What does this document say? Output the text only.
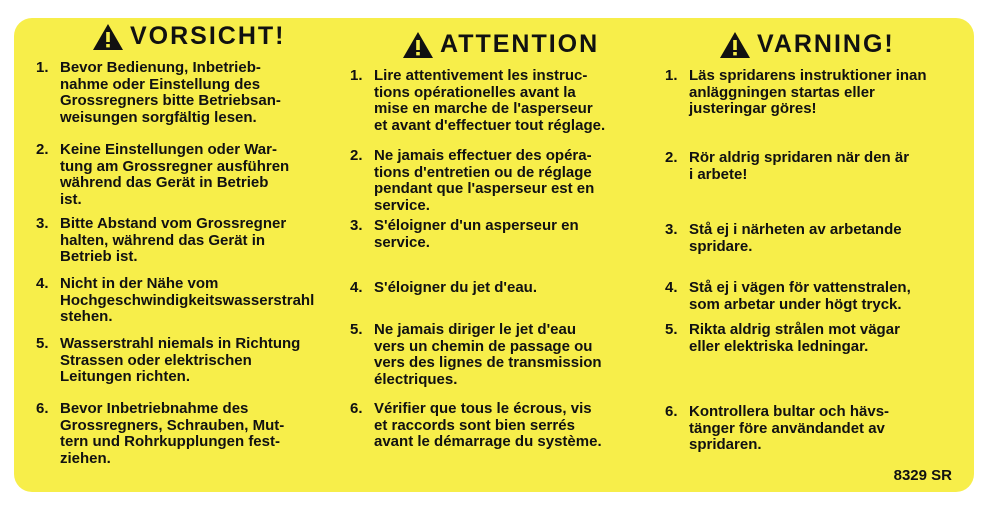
VORSICHT!
1. Bevor Bedienung, Inbetrieb-
nahme oder Einstellung des
Grossregners bitte Betriebsan-
weisungen sorgfältig lesen.
2. Keine Einstellungen oder War-
tung am Grossregner ausführen
während das Gerät in Betrieb
ist.
3. Bitte Abstand vom Grossregner
halten, während das Gerät in
Betrieb ist.
4. Nicht in der Nähe vom
Hochgeschwindigkeitswasserstrahl
stehen.
5. Wasserstrahl niemals in Richtung
Strassen oder elektrischen
Leitungen richten.
6. Bevor Inbetriebnahme des
Grossregners, Schrauben, Mut-
tern und Rohrkupplungen fest-
ziehen.
ATTENTION
1. Lire attentivement les instruc-
tions opérationelles avant la
mise en marche de l'asperseur
et avant d'effectuer tout réglage.
2. Ne jamais effectuer des opéra-
tions d'entretien ou de réglage
pendant que l'asperseur est en
service.
3. S'éloigner d'un asperseur en
service.
4. S'éloigner du jet d'eau.
5. Ne jamais diriger le jet d'eau
vers un chemin de passage ou
vers des lignes de transmission
électriques.
6. Vérifier que tous le écrous, vis
et raccords sont bien serrés
avant le démarrage du système.
VARNING!
1. Läs spridarens instruktioner inan
anläggningen startas eller
justeringar göres!
2. Rör aldrig spridaren när den är
i arbete!
3. Stå ej i närheten av arbetande
spridare.
4. Stå ej i vägen för vattenstralen,
som arbetar under högt tryck.
5. Rikta aldrig strålen mot vägar
eller elektriska ledningar.
6. Kontrollera bultar och hävs-
tänger före användandet av
spridaren.
8329 SR
